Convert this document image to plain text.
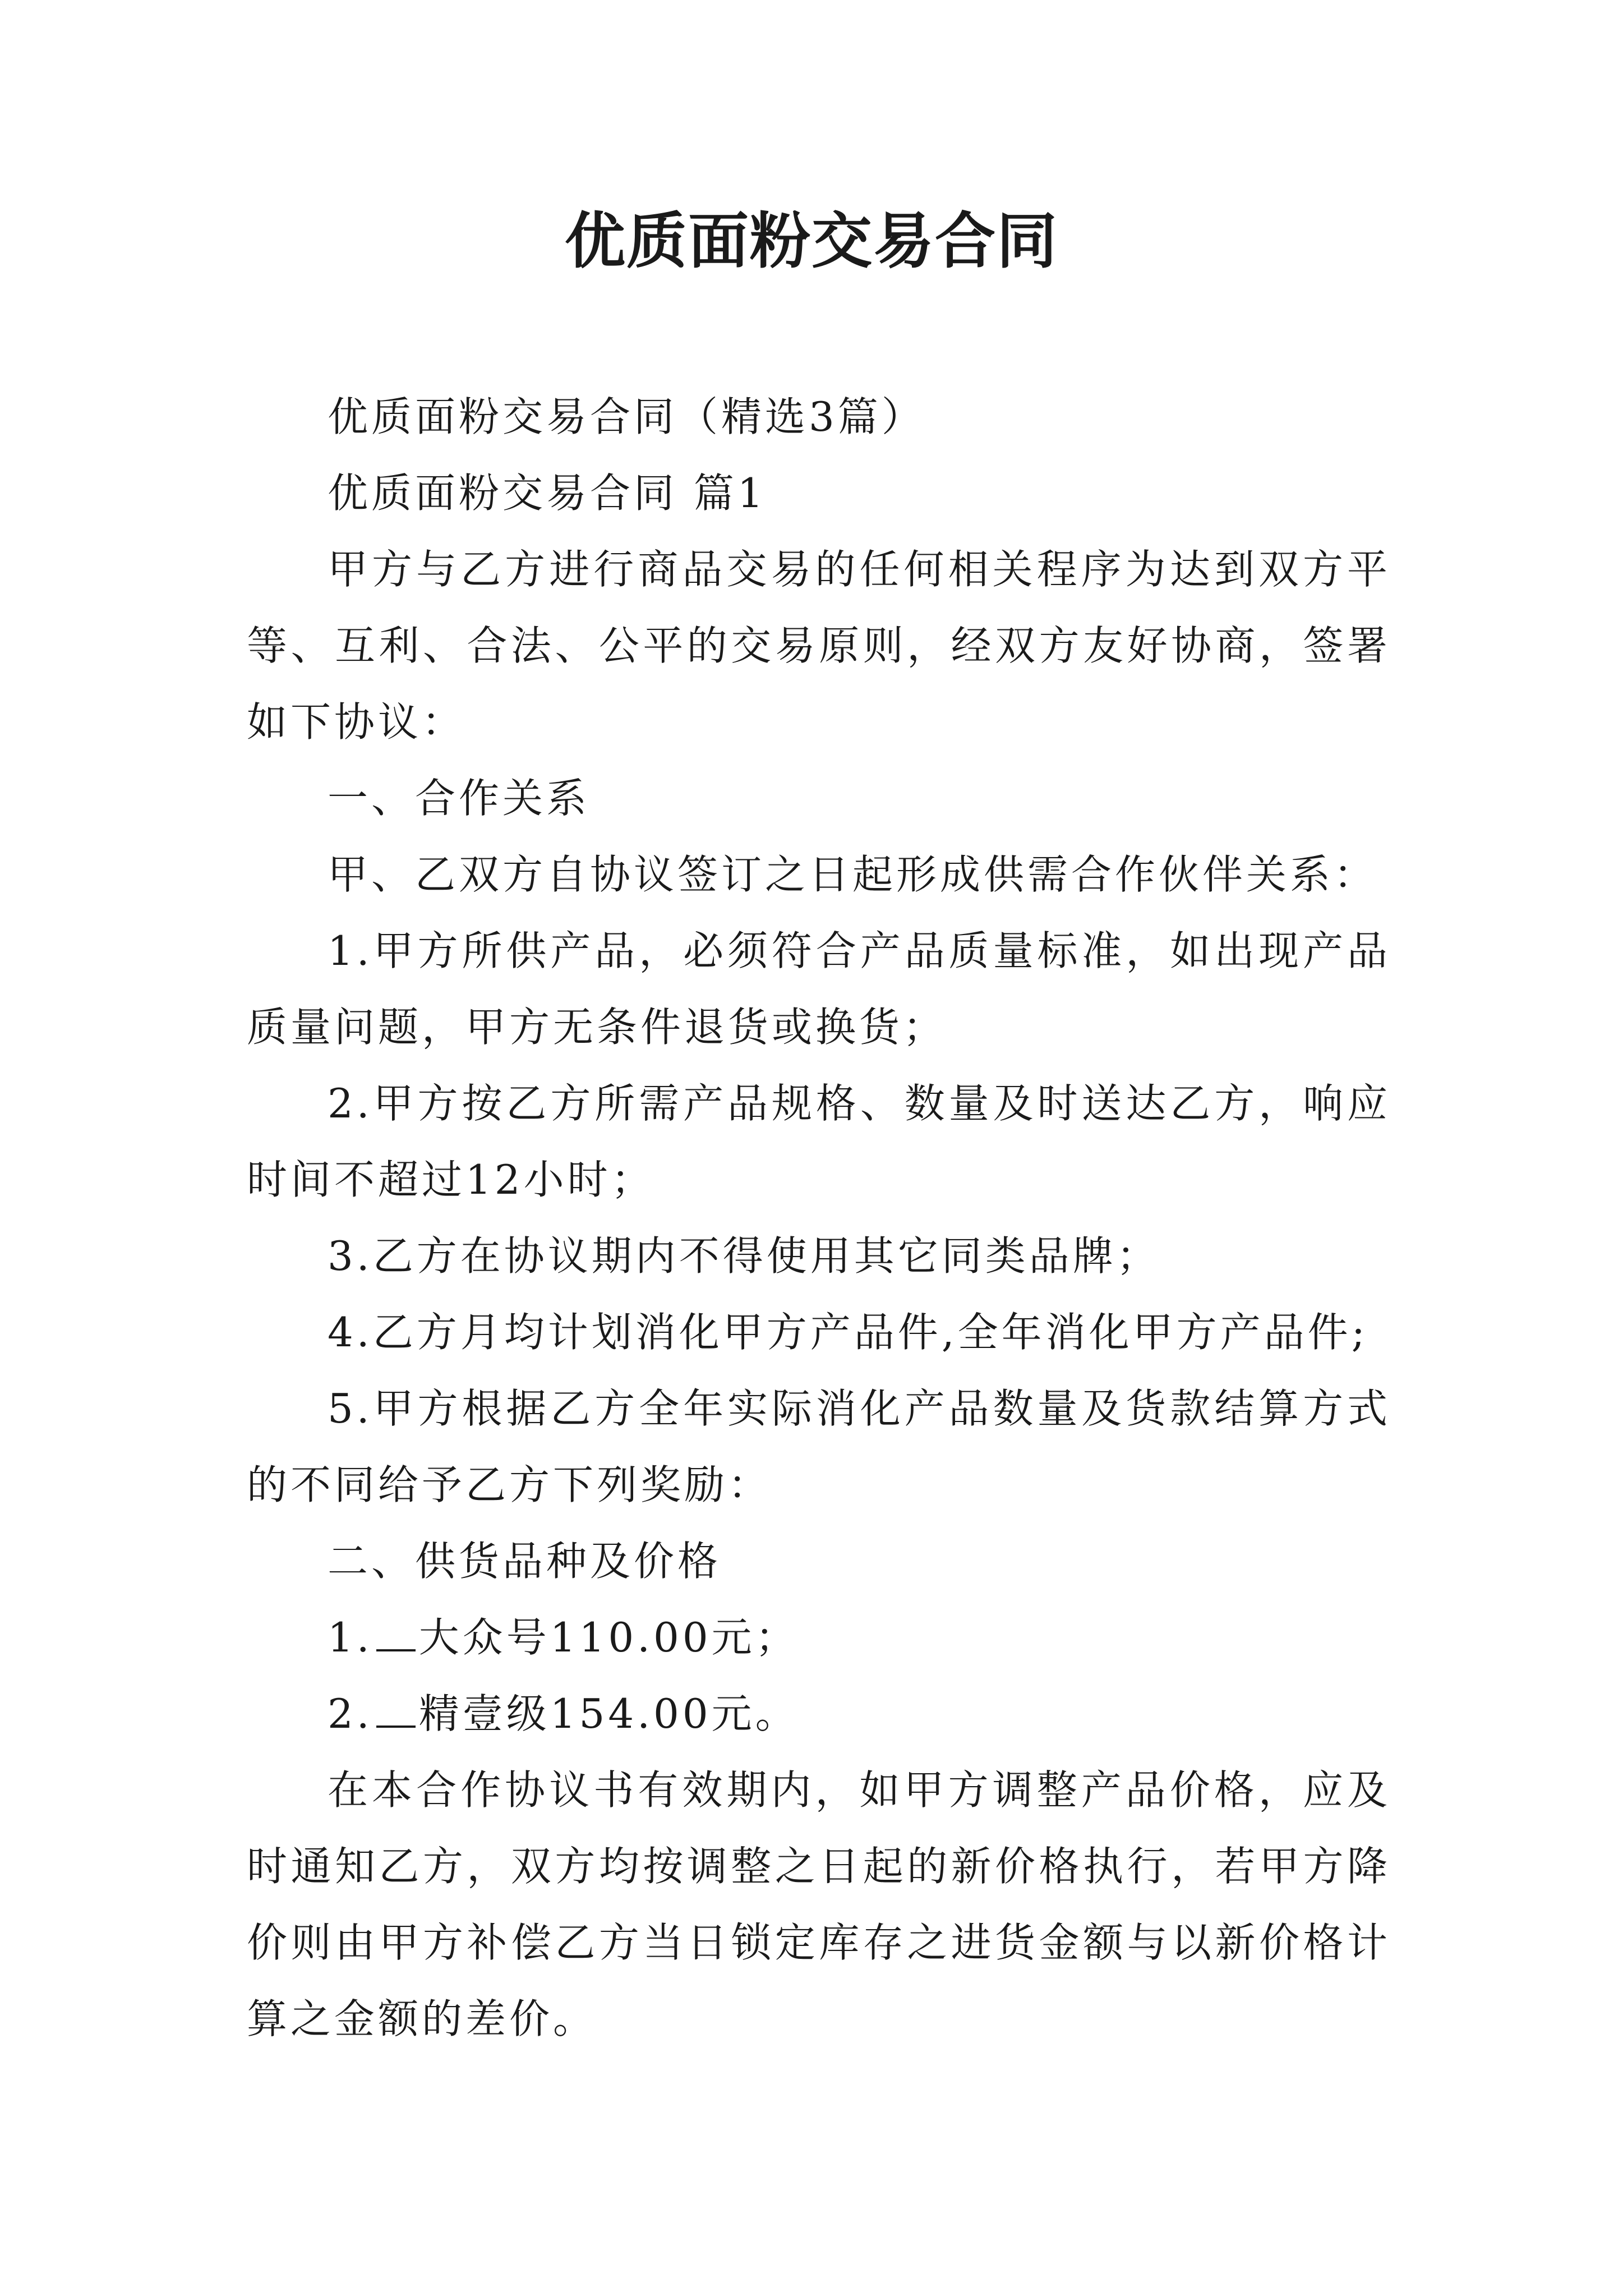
优质面粉交易合同

优质面粉交易合同（精选3篇）

优质面粉交易合同 篇1

甲方与乙方进行商品交易的任何相关程序为达到双方平等、互利、合法、公平的交易原则，经双方友好协商，签署如下协议：

一、合作关系

甲、乙双方自协议签订之日起形成供需合作伙伴关系：

1.甲方所供产品，必须符合产品质量标准，如出现产品质量问题，甲方无条件退货或换货；

2.甲方按乙方所需产品规格、数量及时送达乙方，响应时间不超过12小时；

3.乙方在协议期内不得使用其它同类品牌；

4.乙方月均计划消化甲方产品件,全年消化甲方产品件;

5.甲方根据乙方全年实际消化产品数量及货款结算方式的不同给予乙方下列奖励：

二、供货品种及价格

1. 大众号110.00元；

2. 精壹级154.00元。

在本合作协议书有效期内，如甲方调整产品价格，应及时通知乙方，双方均按调整之日起的新价格执行，若甲方降价则由甲方补偿乙方当日锁定库存之进货金额与以新价格计算之金额的差价。
